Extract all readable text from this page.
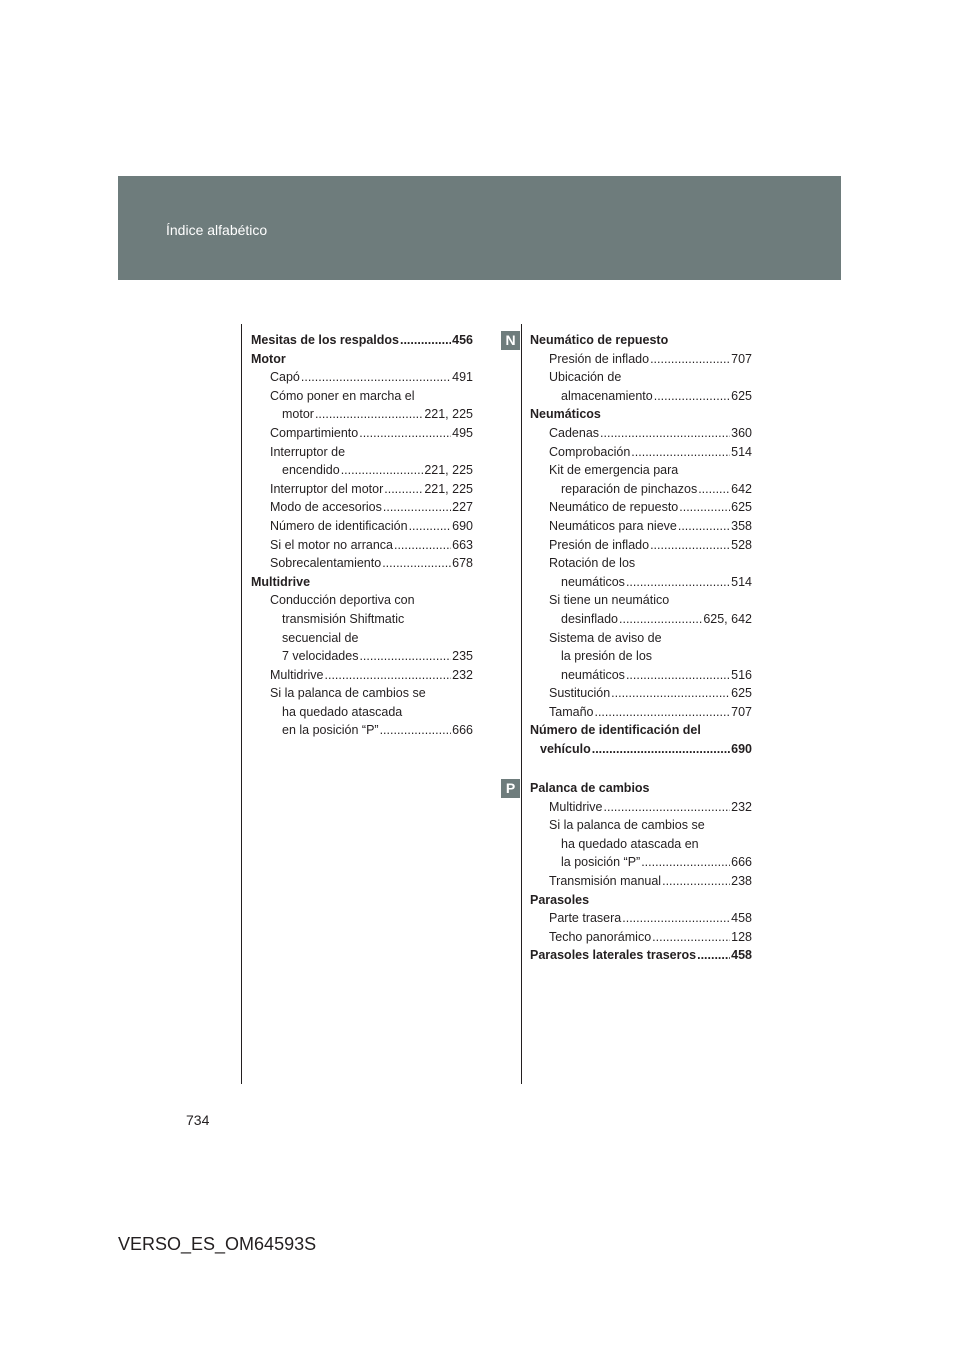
Índice alfabético
Mesitas de los respaldos .....	456
Motor
Capó .....	491
Cómo poner en marcha el
motor .....	221, 225
Compartimiento .....	495
Interruptor de
encendido .....	221, 225
Interruptor del motor .....	221, 225
Modo de accesorios .....	227
Número de identificación .....	690
Si el motor no arranca .....	663
Sobrecalentamiento .....	678
Multidrive
Conducción deportiva con
transmisión Shiftmatic
secuencial de
7 velocidades .....	235
Multidrive .....	232
Si la palanca de cambios se
ha quedado atascada
en la posición “P” .....	666
N
P
Neumático de repuesto
Presión de inflado .....	707
Ubicación de
almacenamiento .....	625
Neumáticos
Cadenas .....	360
Comprobación .....	514
Kit de emergencia para
reparación de pinchazos .....	642
Neumático de repuesto .....	625
Neumáticos para nieve .....	358
Presión de inflado .....	528
Rotación de los
neumáticos .....	514
Si tiene un neumático
desinflado .....	625, 642
Sistema de aviso de
la presión de los
neumáticos .....	516
Sustitución .....	625
Tamaño .....	707
Número de identificación del
vehículo .....	690
Palanca de cambios
Multidrive .....	232
Si la palanca de cambios se
ha quedado atascada en
la posición “P” .....	666
Transmisión manual .....	238
Parasoles
Parte trasera .....	458
Techo panorámico .....	128
Parasoles laterales traseros .....	458
734
VERSO_ES_OM64593S
